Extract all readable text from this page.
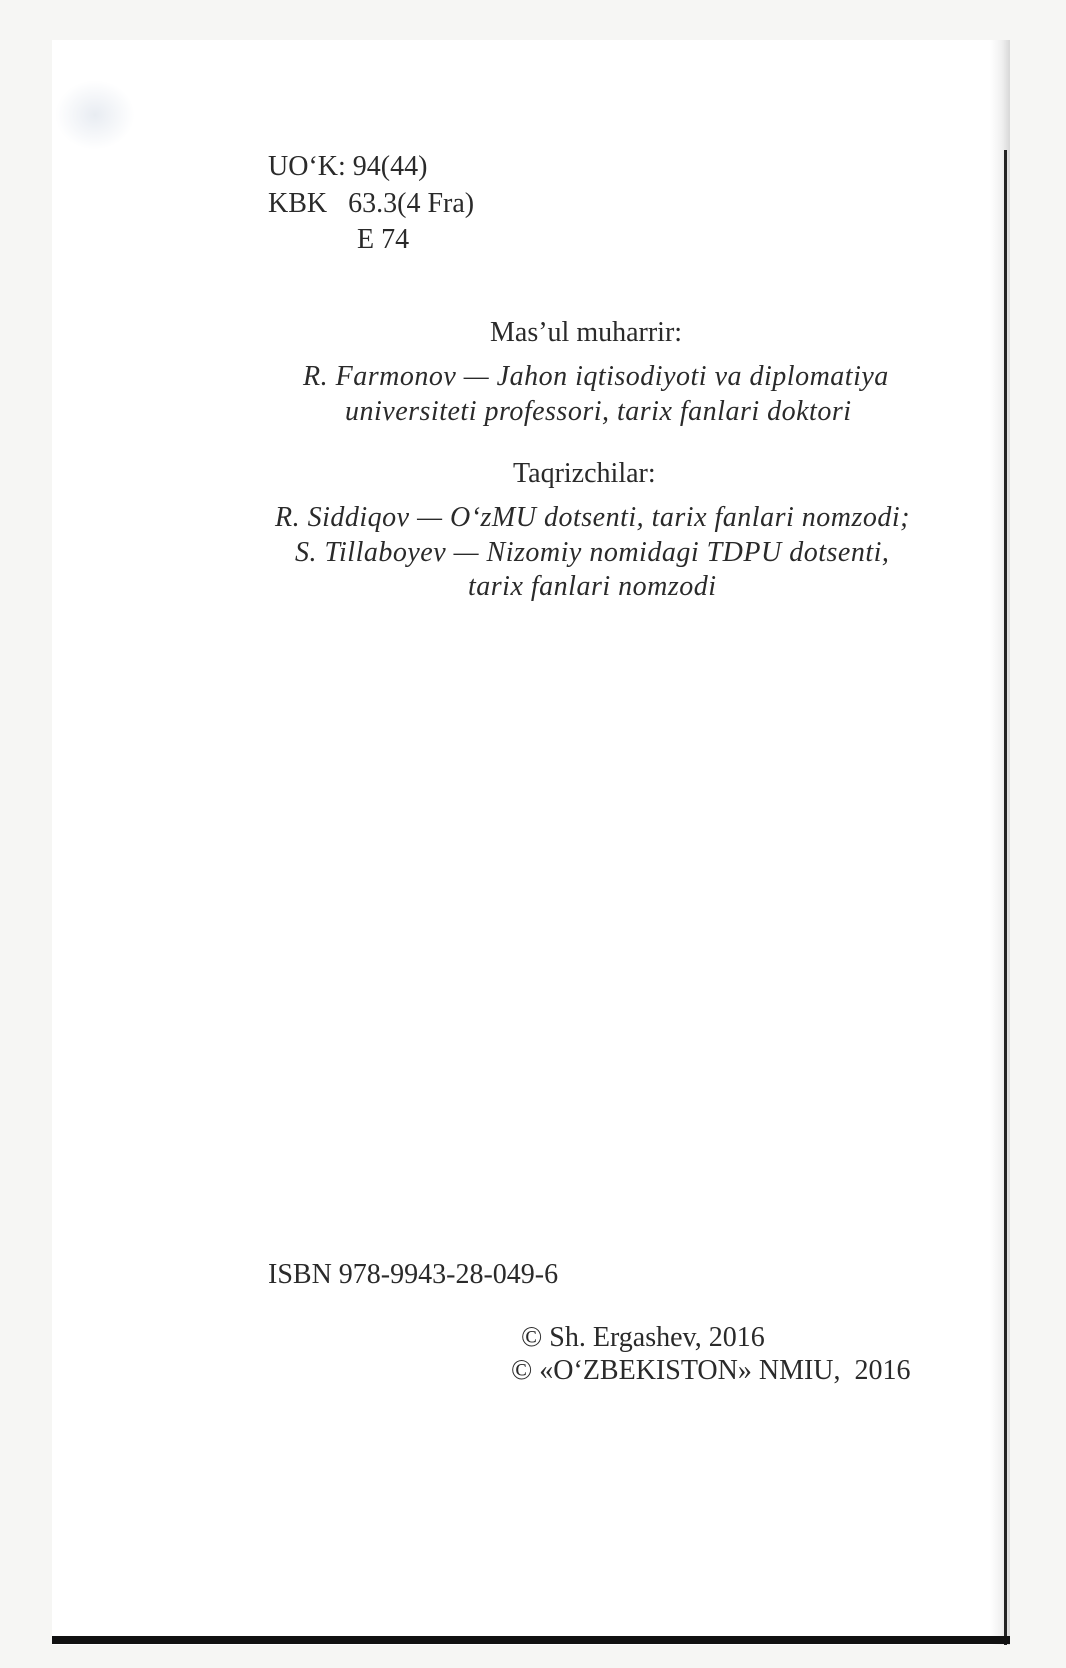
UO‘K: 94(44)
KBK   63.3(4 Fra)
E 74
Mas’ul muharrir:
R. Farmonov — Jahon iqtisodiyoti va diplomatiya
universiteti professori, tarix fanlari doktori
Taqrizchilar:
R. Siddiqov — O‘zMU dotsenti, tarix fanlari nomzodi;
S. Tillaboyev — Nizomiy nomidagi TDPU dotsenti,
tarix fanlari nomzodi
ISBN 978-9943-28-049-6
© Sh. Ergashev, 2016
© «O‘ZBEKISTON» NMIU,  2016
